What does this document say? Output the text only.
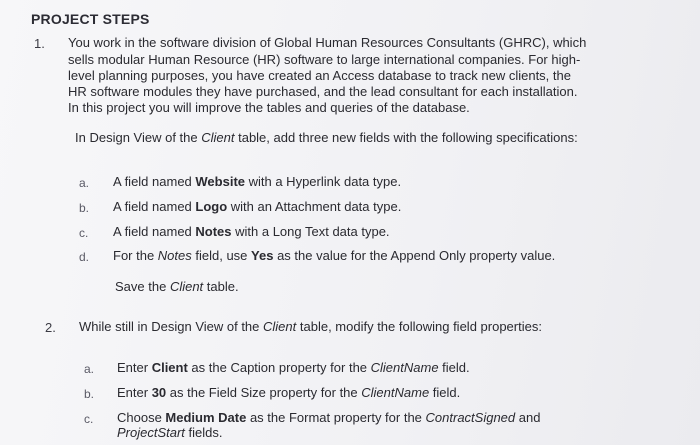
PROJECT STEPS
1. You work in the software division of Global Human Resources Consultants (GHRC), which
sells modular Human Resource (HR) software to large international companies. For high-
level planning purposes, you have created an Access database to track new clients, the
HR software modules they have purchased, and the lead consultant for each installation.
In this project you will improve the tables and queries of the database.
In Design View of the Client table, add three new fields with the following specifications:
a. A field named Website with a Hyperlink data type.
b. A field named Logo with an Attachment data type.
c. A field named Notes with a Long Text data type.
d. For the Notes field, use Yes as the value for the Append Only property value.
Save the Client table.
2. While still in Design View of the Client table, modify the following field properties:
a. Enter Client as the Caption property for the ClientName field.
b. Enter 30 as the Field Size property for the ClientName field.
c. Choose Medium Date as the Format property for the ContractSigned and
ProjectStart fields.
